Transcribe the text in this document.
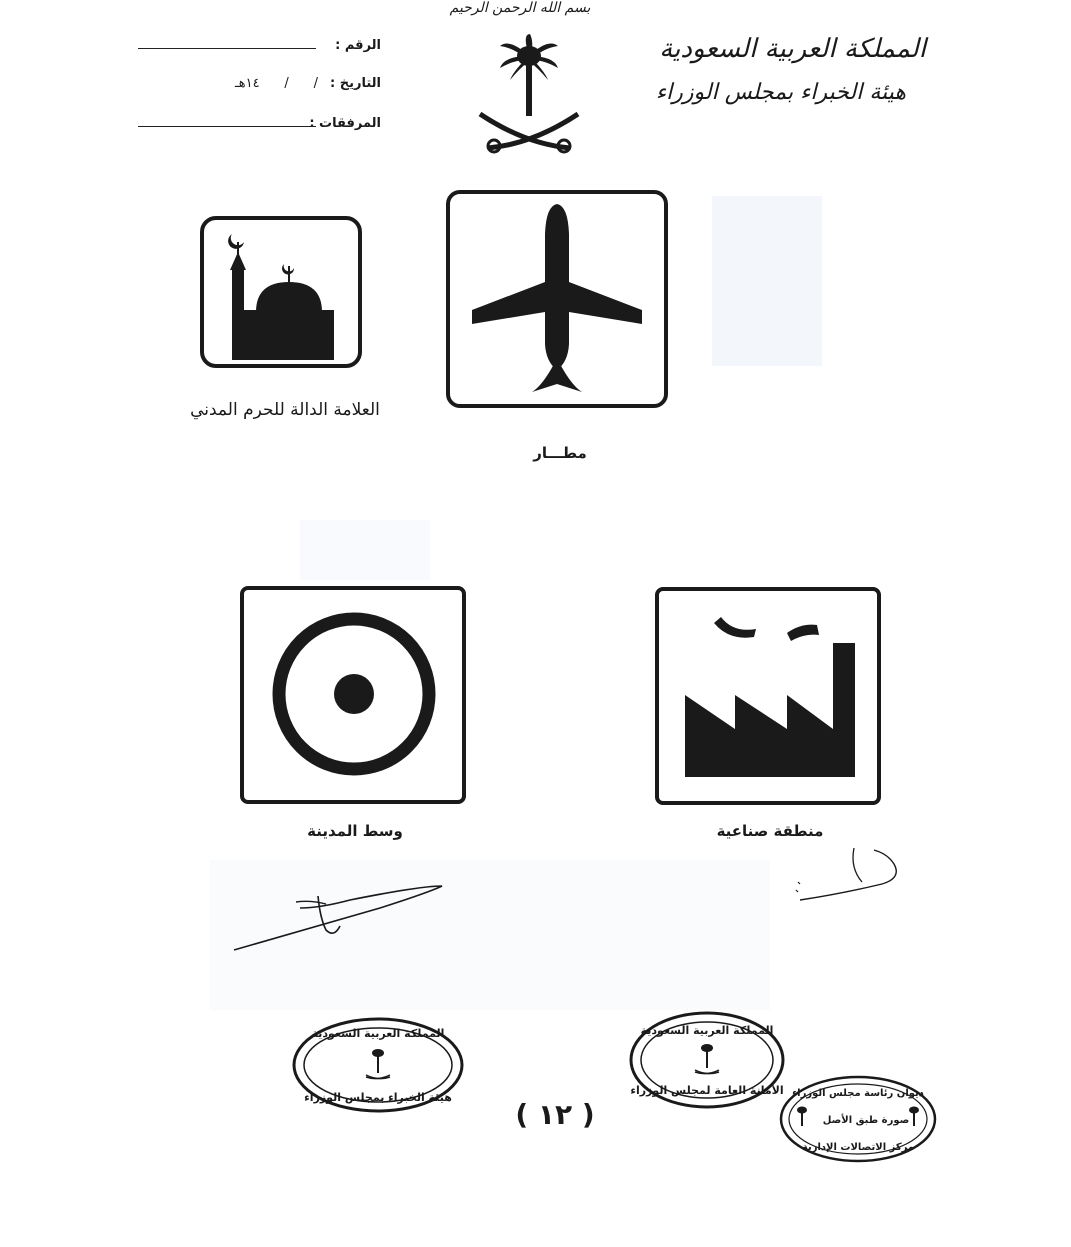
بسم الله الرحمن الرحيم
المملكة العربية السعودية
هيئة الخبراء بمجلس الوزراء
الرقم :
التاريخ :
/      /      ١٤هـ
المرفقات :
العلامة الدالة للحرم المدني
مطـــار
وسط المدينة	منطقة صناعية
المملكة العربية السعودية
هيئة الخبراء بمجلس الوزراء
المملكة العربية السعودية
الأمانة العامة لمجلس الوزراء ديوان رئاسة مجلس الوزراء
صورة طبق الأصل
مركز الاتصالات الإدارية
( ١٢ )
